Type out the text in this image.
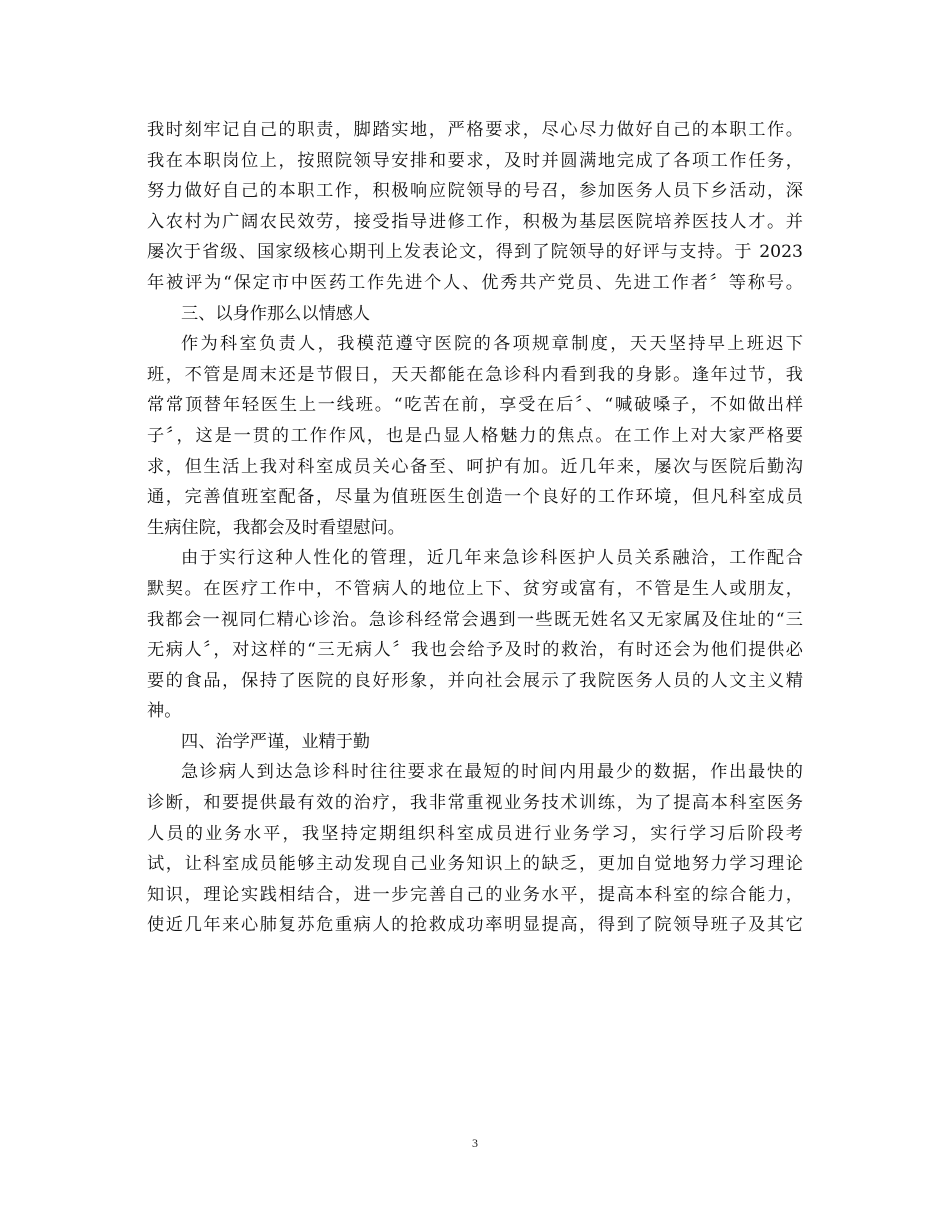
我时刻牢记自己的职责，脚踏实地，严格要求，尽心尽力做好自己的本职工作。
我在本职岗位上，按照院领导安排和要求，及时并圆满地完成了各项工作任务，
努力做好自己的本职工作，积极响应院领导的号召，参加医务人员下乡活动，深
入农村为广阔农民效劳，接受指导进修工作，积极为基层医院培养医技人才。并
屡次于省级、国家级核心期刊上发表论文，得到了院领导的好评与支持。于 2023
年被评为“保定市中医药工作先进个人、优秀共产党员、先进工作者〞等称号。
三、以身作那么以情感人
作为科室负责人，我模范遵守医院的各项规章制度，天天坚持早上班迟下
班，不管是周末还是节假日，天天都能在急诊科内看到我的身影。逢年过节，我
常常顶替年轻医生上一线班。“吃苦在前，享受在后〞、“喊破嗓子，不如做出样
子〞，这是一贯的工作作风，也是凸显人格魅力的焦点。在工作上对大家严格要
求，但生活上我对科室成员关心备至、呵护有加。近几年来，屡次与医院后勤沟
通，完善值班室配备，尽量为值班医生创造一个良好的工作环境，但凡科室成员
生病住院，我都会及时看望慰问。
由于实行这种人性化的管理，近几年来急诊科医护人员关系融洽，工作配合
默契。在医疗工作中，不管病人的地位上下、贫穷或富有，不管是生人或朋友，
我都会一视同仁精心诊治。急诊科经常会遇到一些既无姓名又无家属及住址的“三
无病人〞，对这样的“三无病人〞我也会给予及时的救治，有时还会为他们提供必
要的食品，保持了医院的良好形象，并向社会展示了我院医务人员的人文主义精
神。
四、治学严谨，业精于勤
急诊病人到达急诊科时往往要求在最短的时间内用最少的数据，作出最快的
诊断，和要提供最有效的治疗，我非常重视业务技术训练，为了提高本科室医务
人员的业务水平，我坚持定期组织科室成员进行业务学习，实行学习后阶段考
试，让科室成员能够主动发现自己业务知识上的缺乏，更加自觉地努力学习理论
知识，理论实践相结合，进一步完善自己的业务水平，提高本科室的综合能力，
使近几年来心肺复苏危重病人的抢救成功率明显提高，得到了院领导班子及其它
3
